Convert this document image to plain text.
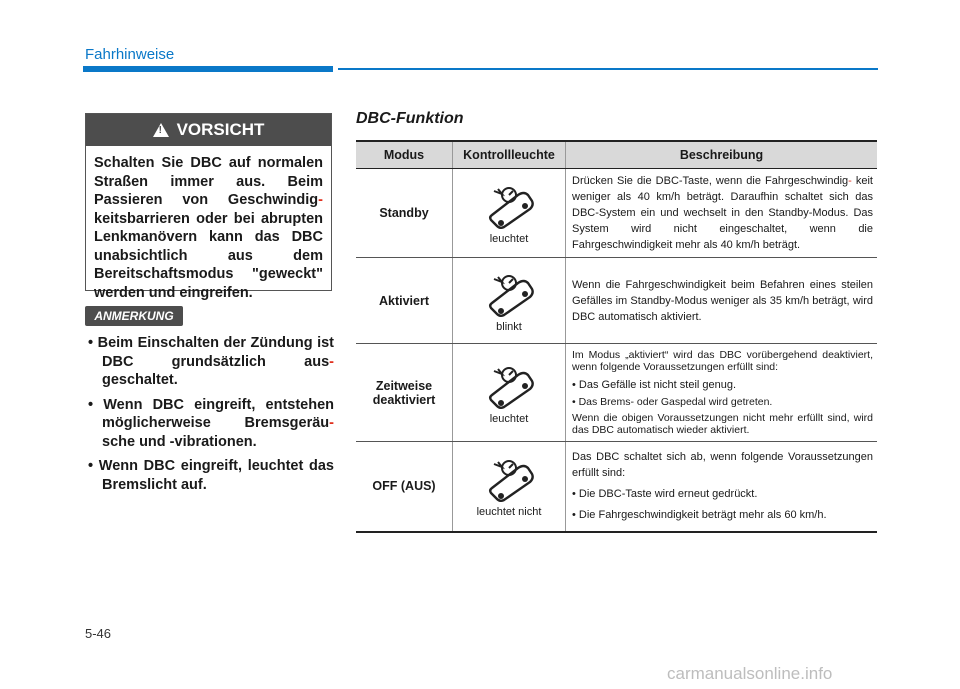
Fahrhinweise
!
VORSICHT
Schalten Sie DBC auf normalen Straßen immer aus. Beim Passieren von Geschwindig- keitsbarrieren oder bei abrupten Lenkmanövern kann das DBC unabsichtlich aus dem Bereitschaftsmodus "geweckt" werden und eingreifen.
ANMERKUNG
• Beim Einschalten der Zündung ist DBC grundsätzlich aus- geschaltet.
• Wenn DBC eingreift, entstehen möglicherweise Bremsgeräu- sche und -vibrationen.
• Wenn DBC eingreift, leuchtet das Bremslicht auf.
DBC-Funktion
Modus	Kontrollleuchte	Beschreibung
Standby	leuchtet	Drücken Sie die DBC-Taste, wenn die Fahrgeschwindig- keit weniger als 40 km/h beträgt. Daraufhin schaltet sich das DBC-System ein und wechselt in den Standby-Modus. Das System wird nicht eingeschaltet, wenn die Fahrgeschwindigkeit mehr als 40 km/h beträgt.
Aktiviert	blinkt	Wenn die Fahrgeschwindigkeit beim Befahren eines steilen Gefälles im Standby-Modus weniger als 35 km/h beträgt, wird DBC automatisch aktiviert.

Zeitweise
deaktiviert	leuchtet	Im Modus „aktiviert“ wird das DBC vorübergehend deaktiviert, wenn folgende Voraussetzungen erfüllt sind:
• Das Gefälle ist nicht steil genug.
• Das Brems- oder Gaspedal wird getreten.
Wenn die obigen Voraussetzungen nicht mehr erfüllt sind, wird das DBC automatisch wieder aktiviert.

OFF (AUS)	leuchtet nicht	Das DBC schaltet sich ab, wenn folgende Voraussetzungen erfüllt sind:
• Die DBC-Taste wird erneut gedrückt.
• Die Fahrgeschwindigkeit beträgt mehr als 60 km/h.
5-46
carmanualsonline.info
